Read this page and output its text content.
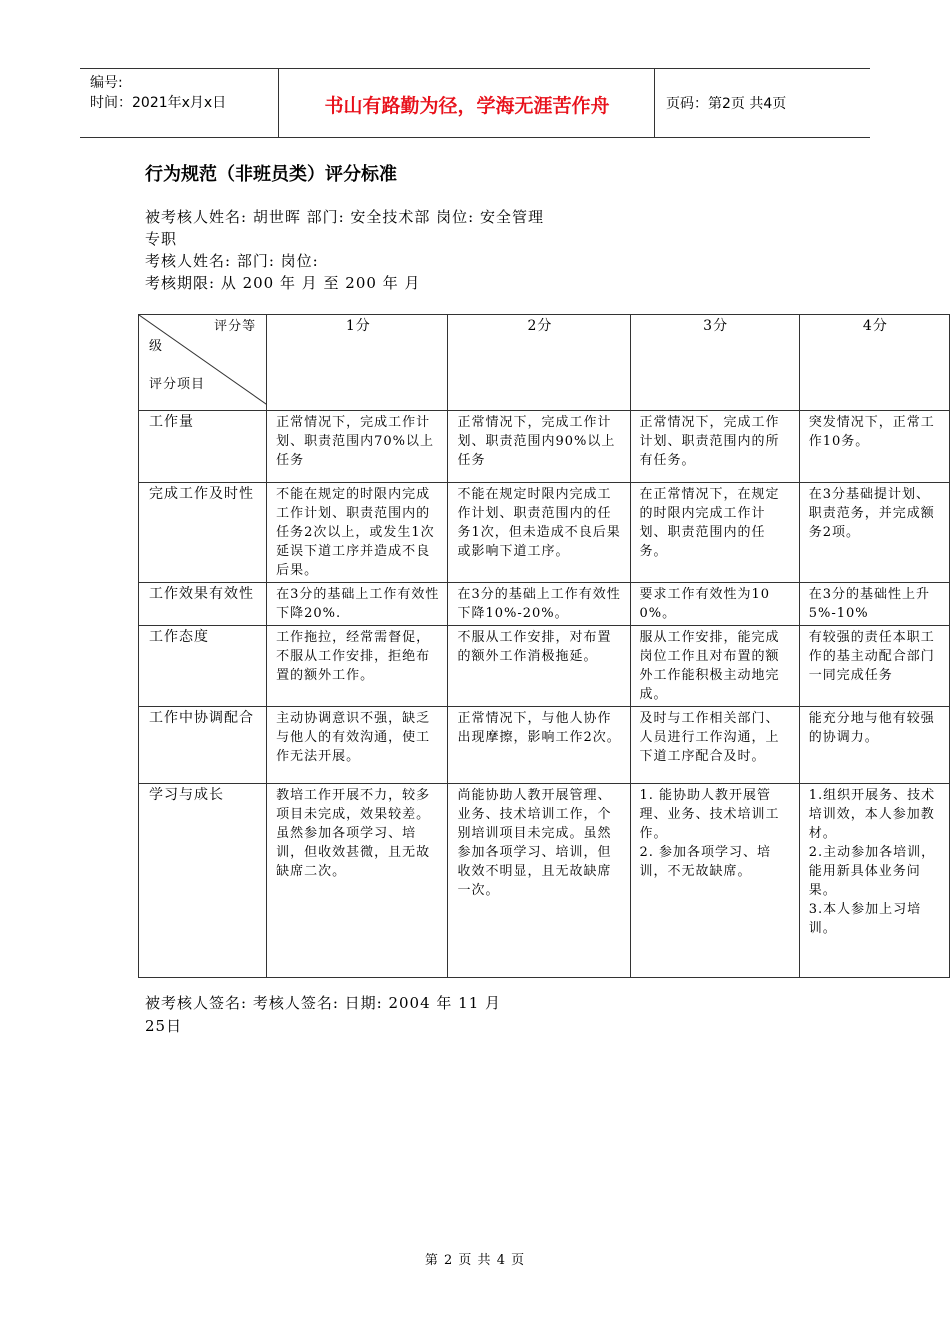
编号:
时间：2021年x月x日	书山有路勤为径，学海无涯苦作舟	页码：第2页 共4页
行为规范（非班员类）评分标准
被考核人姓名: 胡世晖 部门: 安全技术部 岗位: 安全管理
专职
考核人姓名: 部门: 岗位:
考核期限: 从 200 年 月 至 200 年 月
评分等
级
评分项目	1分	2分	3分	4分
工作量	正常情况下，完成工作计划、职责范围内70%以上任务	正常情况下，完成工作计划、职责范围内90%以上任务	正常情况下，完成工作计划、职责范围内的所有任务。	突发情况下，正常工作10务。
完成工作及时性	不能在规定的时限内完成工作计划、职责范围内的任务2次以上，或发生1次延误下道工序并造成不良后果。	不能在规定时限内完成工作计划、职责范围内的任务1次，但未造成不良后果或影响下道工序。	在正常情况下，在规定的时限内完成工作计划、职责范围内的任务。	在3分基础提计划、职责范务，并完成额务2项。
工作效果有效性	在3分的基础上工作有效性下降20%.	在3分的基础上工作有效性下降10%-20%。	要求工作有效性为100%。	在3分的基础性上升5%-10%
工作态度	工作拖拉，经常需督促，不服从工作安排，拒绝布置的额外工作。	不服从工作安排，对布置的额外工作消极拖延。	服从工作安排，能完成岗位工作且对布置的额外工作能积极主动地完成。	有较强的责任本职工作的基主动配合部门一同完成任务
工作中协调配合	主动协调意识不强，缺乏与他人的有效沟通，使工作无法开展。	正常情况下，与他人协作出现摩擦，影响工作2次。	及时与工作相关部门、人员进行工作沟通，上下道工序配合及时。	能充分地与他有较强的协调力。
学习与成长	教培工作开展不力，较多项目未完成，效果较差。虽然参加各项学习、培训，但收效甚微，且无故缺席二次。	尚能协助人教开展管理、业务、技术培训工作，个别培训项目未完成。虽然参加各项学习、培训，但收效不明显，且无故缺席一次。	1. 能协助人教开展管理、业务、技术培训工作。
2. 参加各项学习、培训，不无故缺席。	1.组织开展务、技术培训效，本人参加教材。
2.主动参加各培训，能用新具体业务问果。
3.本人参加上习培训。
被考核人签名: 考核人签名: 日期: 2004 年 11 月
25日
第 2 页 共 4 页
